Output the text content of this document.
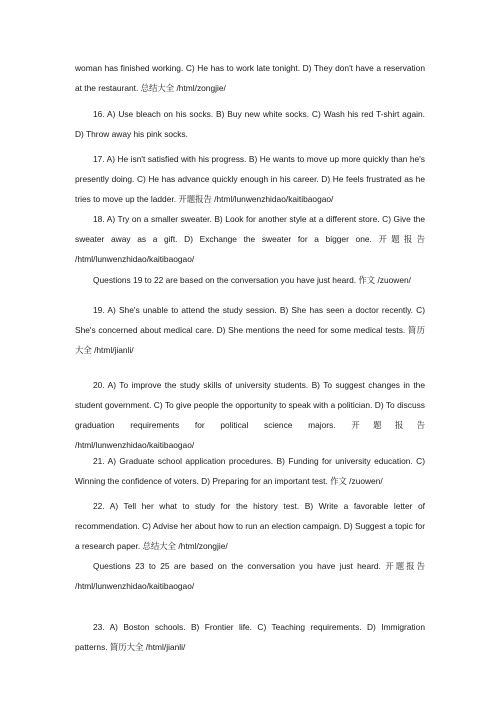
woman has finished working. C) He has to work late tonight. D) They don't have a reservation at the restaurant. 总结大全 /html/zongjie/

16. A) Use bleach on his socks. B) Buy new white socks. C) Wash his red T-shirt again. D) Throw away his pink socks.

17. A) He isn't satisfied with his progress. B) He wants to move up more quickly than he's presently doing. C) He has advance quickly enough in his career. D) He feels frustrated as he tries to move up the ladder. 开题报告 /html/lunwenzhidao/kaitibaogao/

18. A) Try on a smaller sweater. B) Look for another style at a different store. C) Give the sweater away as a gift. D) Exchange the sweater for a bigger one. 开题报告 /html/lunwenzhidao/kaitibaogao/

Questions 19 to 22 are based on the conversation you have just heard. 作文 /zuowen/

19. A) She's unable to attend the study session. B) She has seen a doctor recently. C) She's concerned about medical care. D) She mentions the need for some medical tests. 简历大全 /html/jianli/

20. A) To improve the study skills of university students. B) To suggest changes in the student government. C) To give people the opportunity to speak with a politician. D) To discuss graduation requirements for political science majors. 开题报告 /html/lunwenzhidao/kaitibaogao/

21. A) Graduate school application procedures. B) Funding for university education. C) Winning the confidence of voters. D) Preparing for an important test. 作文 /zuowen/

22. A) Tell her what to study for the history test. B) Write a favorable letter of recommendation. C) Advise her about how to run an election campaign. D) Suggest a topic for a research paper. 总结大全 /html/zongjie/

Questions 23 to 25 are based on the conversation you have just heard. 开题报告 /html/lunwenzhidao/kaitibaogao/

23. A) Boston schools. B) Frontier life. C) Teaching requirements. D) Immigration patterns. 简历大全 /html/jianli/
